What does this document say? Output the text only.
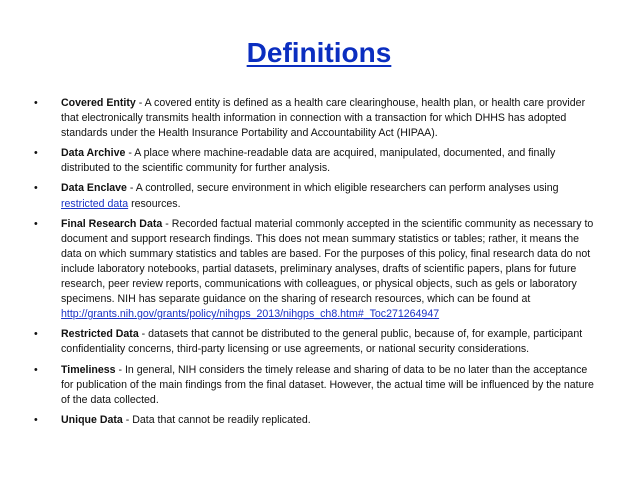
Definitions
• Covered Entity - A covered entity is defined as a health care clearinghouse, health plan, or health care provider that electronically transmits health information in connection with a transaction for which DHHS has adopted standards under the Health Insurance Portability and Accountability Act (HIPAA).
• Data Archive - A place where machine-readable data are acquired, manipulated, documented, and finally distributed to the scientific community for further analysis.
• Data Enclave - A controlled, secure environment in which eligible researchers can perform analyses using restricted data resources.
• Final Research Data - Recorded factual material commonly accepted in the scientific community as necessary to document and support research findings. This does not mean summary statistics or tables; rather, it means the data on which summary statistics and tables are based. For the purposes of this policy, final research data do not include laboratory notebooks, partial datasets, preliminary analyses, drafts of scientific papers, plans for future research, peer review reports, communications with colleagues, or physical objects, such as gels or laboratory specimens. NIH has separate guidance on the sharing of research resources, which can be found at http://grants.nih.gov/grants/policy/nihgps_2013/nihgps_ch8.htm#_Toc271264947
• Restricted Data - datasets that cannot be distributed to the general public, because of, for example, participant confidentiality concerns, third-party licensing or use agreements, or national security considerations.
• Timeliness - In general, NIH considers the timely release and sharing of data to be no later than the acceptance for publication of the main findings from the final dataset. However, the actual time will be influenced by the nature of the data collected.
• Unique Data - Data that cannot be readily replicated.
